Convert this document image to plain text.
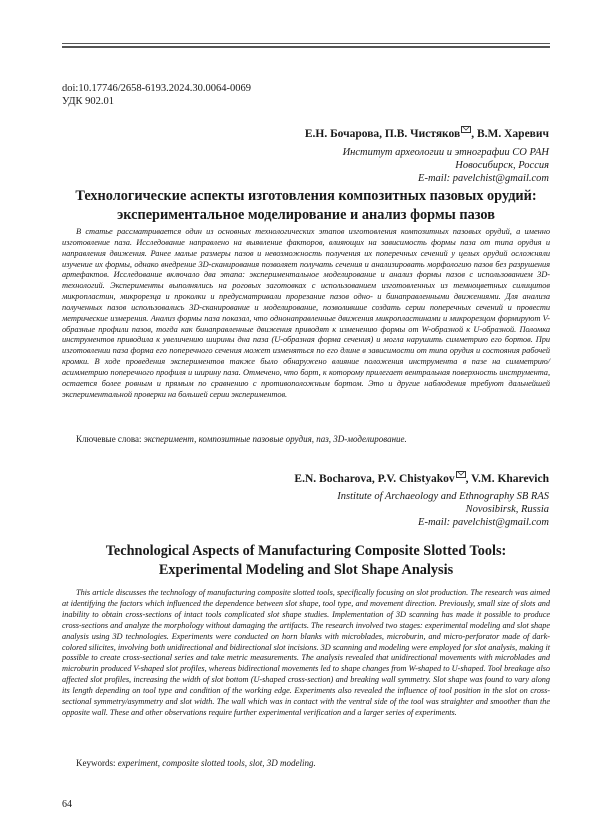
doi:10.17746/2658-6193.2024.30.0064-0069
УДК 902.01
Е.Н. Бочарова, П.В. Чистяков , В.М. Харевич
Институт археологии и этнографии СО РАН
Новосибирск, Россия
E-mail: pavelchist@gmail.com
Технологические аспекты изготовления композитных пазовых орудий:
экспериментальное моделирование и анализ формы пазов

В статье рассматривается один из основных технологических этапов изготовления композитных пазовых орудий, а именно изготовление паза. Исследование направлено на выявление факторов, влияющих на зависимость формы паза от типа орудия и направления движения. Ранее малые размеры пазов и невозможность получения их поперечных сечений у целых орудий осложняли изучение их формы, однако внедрение 3D-сканирования позволяет получать сечения и анализировать морфологию пазов без разрушения артефактов. Исследование включало два этапа: экспериментальное моделирование и анализ формы пазов с использованием 3D-технологий. Эксперименты выполнялись на роговых заготовках с использованием изготовленных из темноцветных силицитов микропластин, микрорезца и проколки и предусматривали прорезание пазов одно- и бинаправленными движениями. Для анализа полученных пазов использовались 3D-сканирование и моделирование, позволившие создать серии поперечных сечений и провести метрические измерения. Анализ формы паза показал, что однонаправленные движения микропластинами и микрорезцом формируют V-образные профили пазов, тогда как бинаправленные движения приводят к изменению формы от W-образной к U-образной. Поломка инструментов приводила к увеличению ширины дна паза (U-образная форма сечения) и могла нарушить симметрию его бортов. При изготовлении паза форма его поперечного сечения может изменяться по его длине в зависимости от типа орудия и состояния рабочей кромки. В ходе проведения экспериментов также было обнаружено влияние положения инструмента в пазе на симметрию/асимметрию поперечного профиля и ширину паза. Отмечено, что борт, к которому прилегает вентральная поверхность инструмента, остается более ровным и прямым по сравнению с противоположным бортом. Это и другие наблюдения требуют дальнейшей экспериментальной проверки на большей серии экспериментов.

Ключевые слова: эксперимент, композитные пазовые орудия, паз, 3D-моделирование.
E.N. Bocharova, P.V. Chistyakov , V.M. Kharevich
Institute of Archaeology and Ethnography SB RAS
Novosibirsk, Russia
E-mail: pavelchist@gmail.com
Technological Aspects of Manufacturing Composite Slotted Tools:
Experimental Modeling and Slot Shape Analysis

This article discusses the technology of manufacturing composite slotted tools, specifically focusing on slot production. The research was aimed at identifying the factors which influenced the dependence between slot shape, tool type, and movement direction. Previously, small size of slots and inability to obtain cross-sections of intact tools complicated slot shape studies. Implementation of 3D scanning has made it possible to produce cross-sections and analyze the morphology without damaging the artifacts. The research involved two stages: experimental modeling and slot shape analysis using 3D technologies. Experiments were conducted on horn blanks with microblades, microburin, and micro-perforator made of dark-colored silicites, involving both unidirectional and bidirectional slot incisions. 3D scanning and modeling were employed for slot analysis, making it possible to create cross-sectional series and take metric measurements. The analysis revealed that unidirectional movements with microblades and microburin produced V-shaped slot profiles, whereas bidirectional movements led to shape changes from W-shaped to U-shaped. Tool breakage also affected slot profiles, increasing the width of slot bottom (U-shaped cross-section) and breaking wall symmetry. Slot shape was found to vary along its length depending on tool type and condition of the working edge. Experiments also revealed the influence of tool position in the slot on cross-sectional symmetry/asymmetry and slot width. The wall which was in contact with the ventral side of the tool was straighter and smoother than the opposite wall. These and other observations require further experimental verification and a larger series of experiments.

Keywords: experiment, composite slotted tools, slot, 3D modeling.
64
